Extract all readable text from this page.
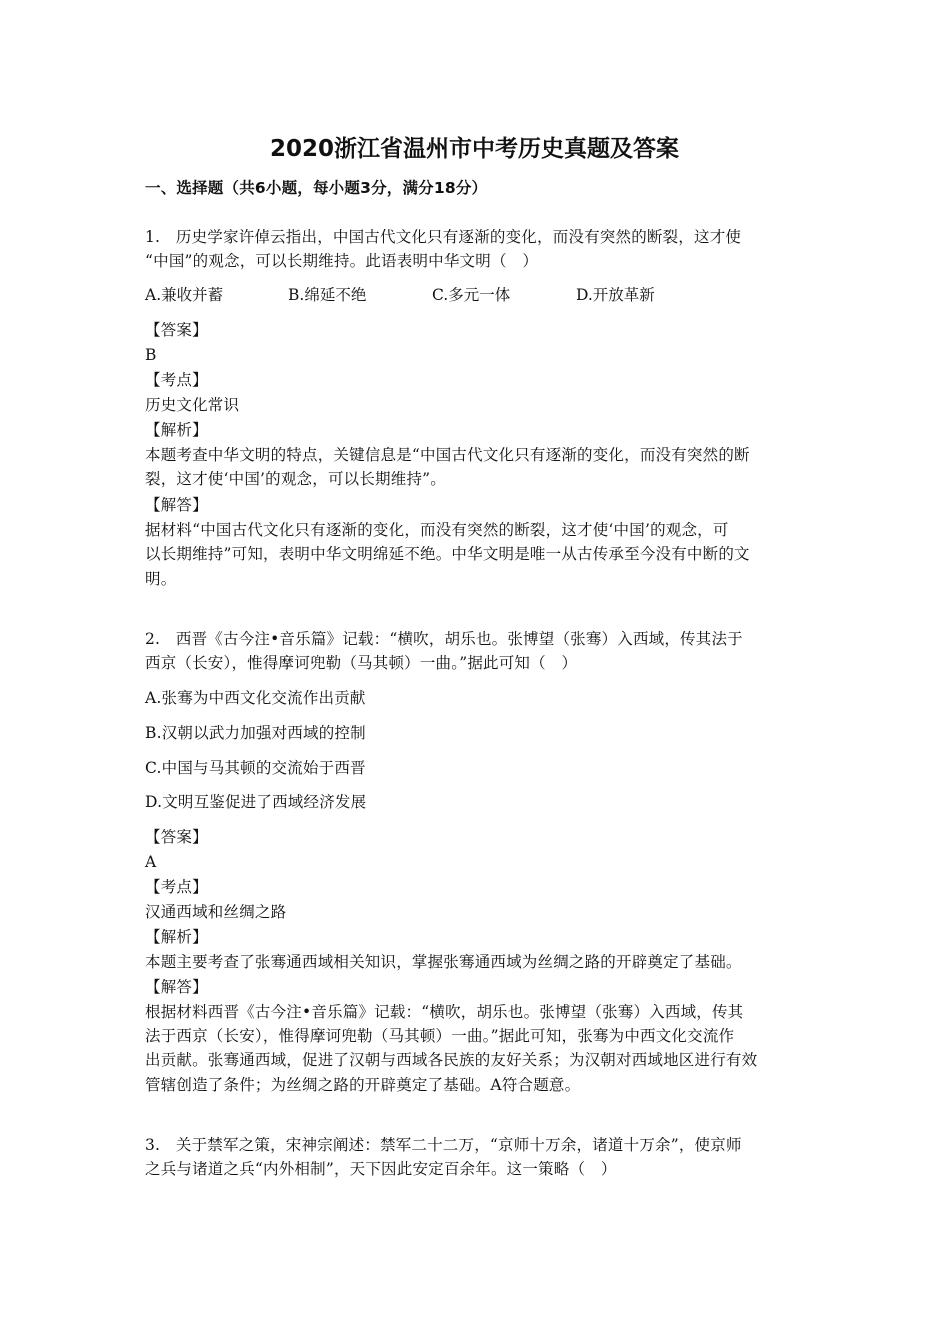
2020浙江省温州市中考历史真题及答案
一、选择题（共6小题，每小题3分，满分18分）
1.　历史学家许倬云指出，中国古代文化只有逐渐的变化，而没有突然的断裂，这才使
“中国”的观念，可以长期维持。此语表明中华文明（　）
A.兼收并蓄	B.绵延不绝	C.多元一体	D.开放革新
【答案】
B
【考点】
历史文化常识
【解析】
本题考查中华文明的特点，关键信息是“中国古代文化只有逐渐的变化，而没有突然的断
裂，这才使‘中国’的观念，可以长期维持”。
【解答】
据材料“中国古代文化只有逐渐的变化，而没有突然的断裂，这才使‘中国’的观念，可
以长期维持”可知，表明中华文明绵延不绝。中华文明是唯一从古传承至今没有中断的文
明。
2.　西晋《古今注•音乐篇》记载：“横吹，胡乐也。张博望（张骞）入西域，传其法于
西京（长安），惟得摩诃兜勒（马其顿）一曲。”据此可知（　）
A.张骞为中西文化交流作出贡献
B.汉朝以武力加强对西域的控制
C.中国与马其顿的交流始于西晋
D.文明互鉴促进了西域经济发展
【答案】
A
【考点】
汉通西域和丝绸之路
【解析】
本题主要考查了张骞通西域相关知识，掌握张骞通西域为丝绸之路的开辟奠定了基础。
【解答】
根据材料西晋《古今注•音乐篇》记载：“横吹，胡乐也。张博望（张骞）入西域，传其
法于西京（长安），惟得摩诃兜勒（马其顿）一曲。”据此可知，张骞为中西文化交流作
出贡献。张骞通西域，促进了汉朝与西域各民族的友好关系；为汉朝对西域地区进行有效
管辖创造了条件；为丝绸之路的开辟奠定了基础。A符合题意。
3.　关于禁军之策，宋神宗阐述：禁军二十二万，“京师十万余，诸道十万余”，使京师
之兵与诸道之兵“内外相制”，天下因此安定百余年。这一策略（　）
